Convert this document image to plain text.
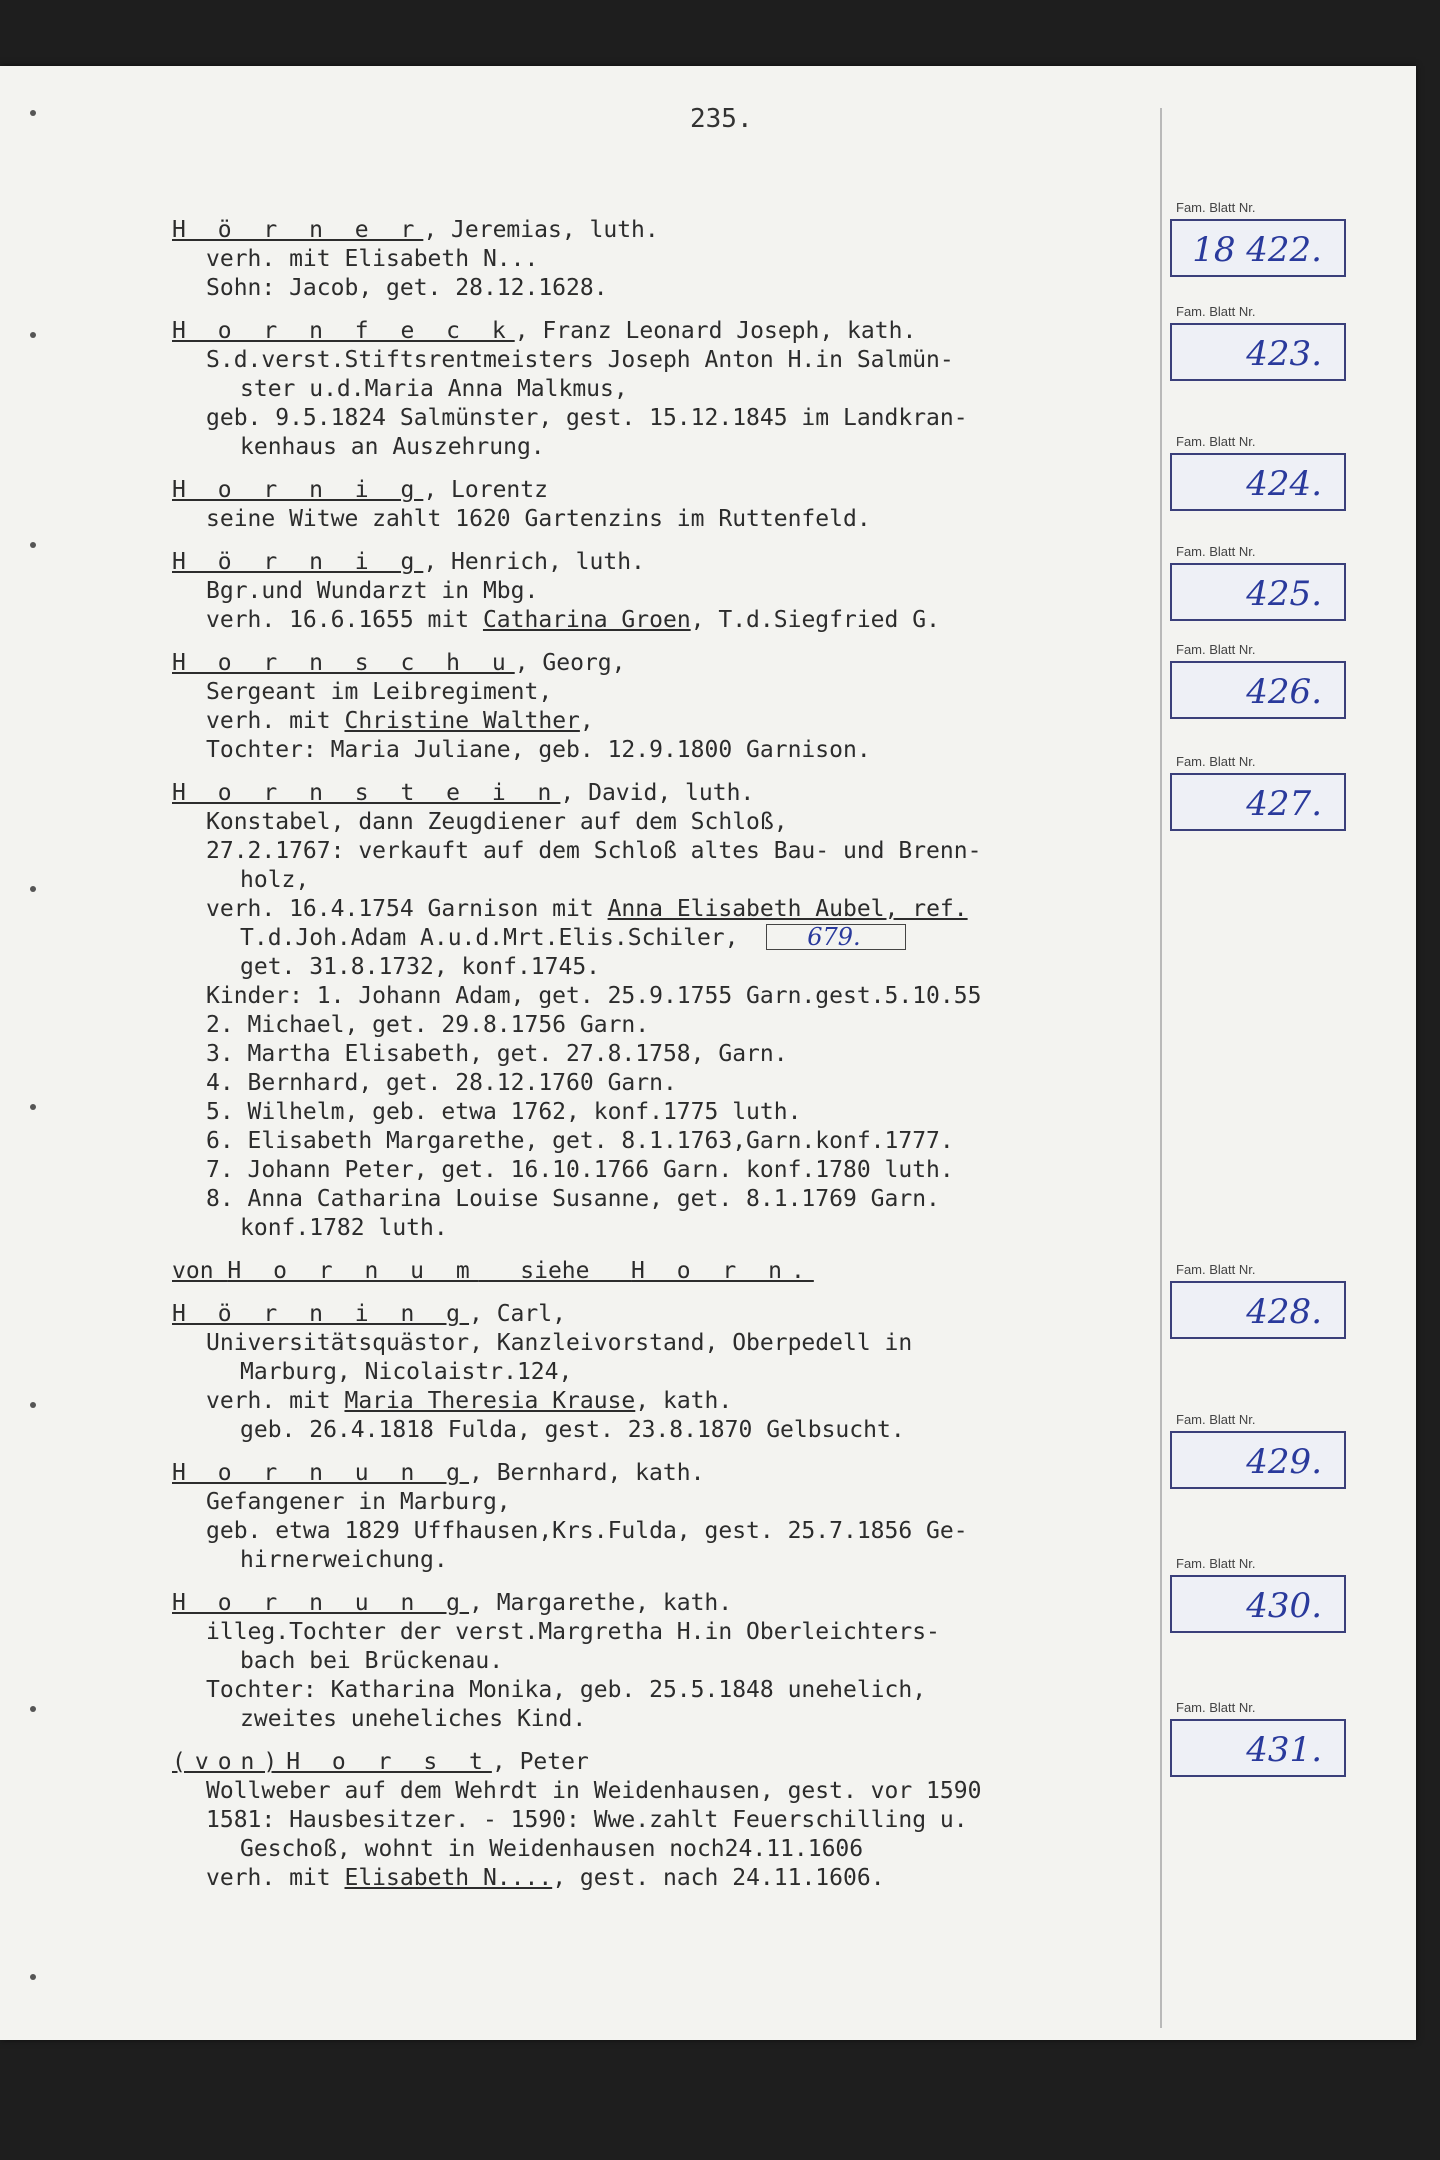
235.
H ö r n e r, Jeremias, luth.
verh. mit Elisabeth N...
Sohn: Jacob, get. 28.12.1628.
H o r n f e c k, Franz Leonard Joseph, kath.
S.d.verst.Stiftsrentmeisters Joseph Anton H.in Salmün-
ster u.d.Maria Anna Malkmus,
geb. 9.5.1824 Salmünster, gest. 15.12.1845 im Landkran-
kenhaus an Auszehrung.
H o r n i g, Lorentz
seine Witwe zahlt 1620 Gartenzins im Ruttenfeld.
H ö r n i g, Henrich, luth.
Bgr.und Wundarzt in Mbg.
verh. 16.6.1655 mit Catharina Groen, T.d.Siegfried G.
H o r n s c h u, Georg,
Sergeant im Leibregiment,
verh. mit Christine Walther,
Tochter: Maria Juliane, geb. 12.9.1800 Garnison.
H o r n s t e i n, David, luth.
Konstabel, dann Zeugdiener auf dem Schloß,
27.2.1767: verkauft auf dem Schloß altes Bau- und Brenn-
holz,
verh. 16.4.1754 Garnison mit Anna Elisabeth Aubel, ref.
T.d.Joh.Adam A.u.d.Mrt.Elis.Schiler,	679.
get. 31.8.1732, konf.1745.
Kinder: 1. Johann Adam, get. 25.9.1755 Garn.gest.5.10.55
2. Michael, get. 29.8.1756 Garn.
3. Martha Elisabeth, get. 27.8.1758, Garn.
4. Bernhard, get. 28.12.1760 Garn.
5. Wilhelm, geb. etwa 1762, konf.1775 luth.
6. Elisabeth Margarethe, get. 8.1.1763,Garn.konf.1777.
7. Johann Peter, get. 16.10.1766 Garn. konf.1780 luth.
8. Anna Catharina Louise Susanne, get. 8.1.1769 Garn.
konf.1782 luth.
von H o r n u m   siehe   H o r n.
H ö r n i n g, Carl,
Universitätsquästor, Kanzleivorstand, Oberpedell in
Marburg, Nicolaistr.124,
verh. mit Maria Theresia Krause, kath.
geb. 26.4.1818 Fulda, gest. 23.8.1870 Gelbsucht.
H o r n u n g, Bernhard, kath.
Gefangener in Marburg,
geb. etwa 1829 Uffhausen,Krs.Fulda, gest. 25.7.1856 Ge-
hirnerweichung.
H o r n u n g, Margarethe, kath.
illeg.Tochter der verst.Margretha H.in Oberleichters-
bach bei Brückenau.
Tochter: Katharina Monika, geb. 25.5.1848 unehelich,
zweites uneheliches Kind.
(von)H o r s t, Peter
Wollweber auf dem Wehrdt in Weidenhausen, gest. vor 1590
1581: Hausbesitzer. - 1590: Wwe.zahlt Feuerschilling u.
Geschoß, wohnt in Weidenhausen noch24.11.1606
verh. mit Elisabeth N...., gest. nach 24.11.1606.
Fam. Blatt Nr.
18 422.
Fam. Blatt Nr.
423.
Fam. Blatt Nr.
424.
Fam. Blatt Nr.
425.
Fam. Blatt Nr.
426.
Fam. Blatt Nr.
427.
Fam. Blatt Nr.
428.
Fam. Blatt Nr.
429.
Fam. Blatt Nr.
430.
Fam. Blatt Nr.
431.
